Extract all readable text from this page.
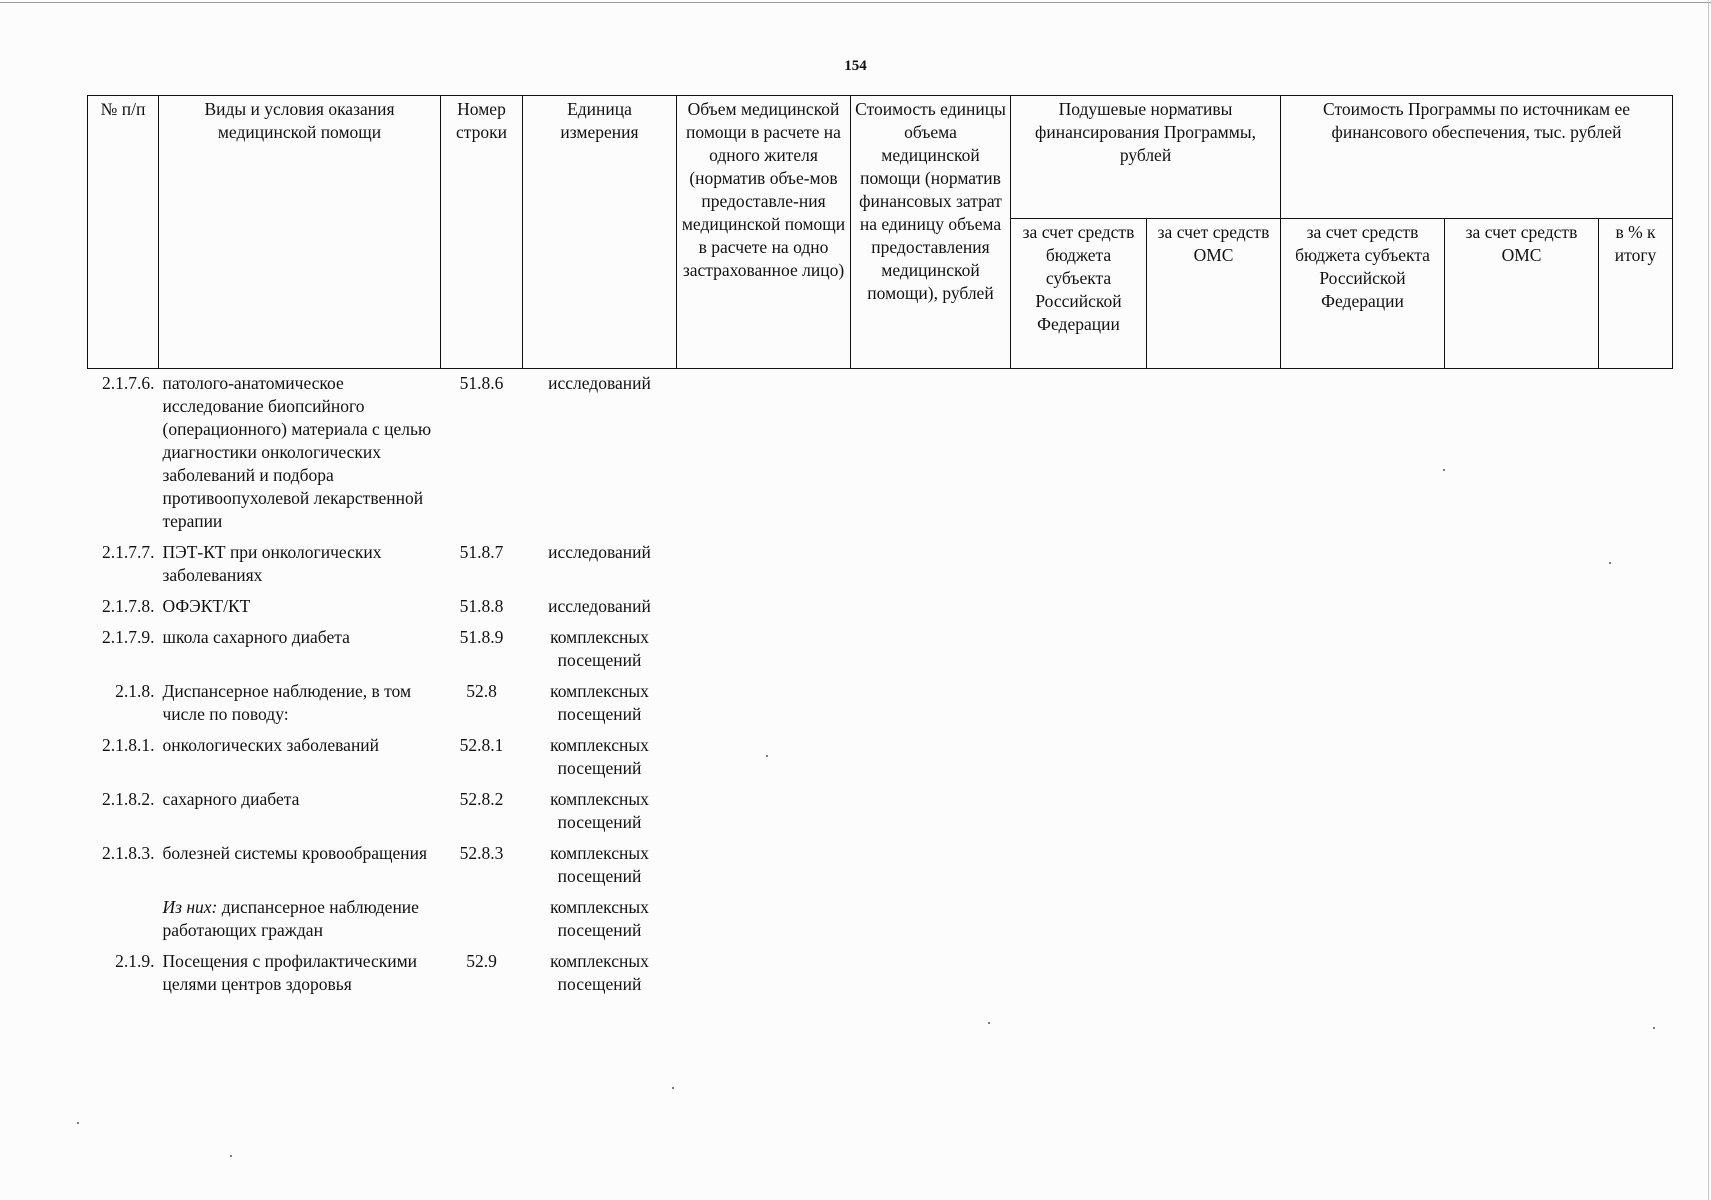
154
№ п/п	Виды и условия оказания медицинской помощи	Номер строки	Единица измерения	Объем медицинской помощи в расчете на одного жителя (норматив объе-мов предоставле-ния медицинской помощи в расчете на одно застрахованное лицо)	Стоимость единицы объема медицинской помощи (норматив финансовых затрат на единицу объема предоставления медицинской помощи), рублей	Подушевые нормативы финансирования Программы, рублей		Стоимость Программы по источникам ее финансового обеспечения, тыс. рублей		
						за счет средств бюджета субъекта Российской Федерации	за счет средств ОМС	за счет средств бюджета субъекта Российской Федерации	за счет средств ОМС	в % к итогу
2.1.7.6.	патолого-анатомическое исследование биопсийного (операционного) материала с целью диагностики онкологических заболеваний и подбора противоопухолевой лекарственной терапии	51.8.6	исследований							
2.1.7.7.	ПЭТ-КТ при онкологических заболеваниях	51.8.7	исследований							
2.1.7.8.	ОФЭКТ/КТ	51.8.8	исследований							
2.1.7.9.	школа сахарного диабета	51.8.9	комплексных посещений							
2.1.8.	Диспансерное наблюдение, в том числе по поводу:	52.8	комплексных посещений							
2.1.8.1.	онкологических заболеваний	52.8.1	комплексных посещений							
2.1.8.2.	сахарного диабета	52.8.2	комплексных посещений							
2.1.8.3.	болезней системы кровообращения	52.8.3	комплексных посещений							
	Из них: диспансерное наблюдение работающих граждан		комплексных посещений							
2.1.9.	Посещения с профилактическими целями центров здоровья	52.9	комплексных посещений							
